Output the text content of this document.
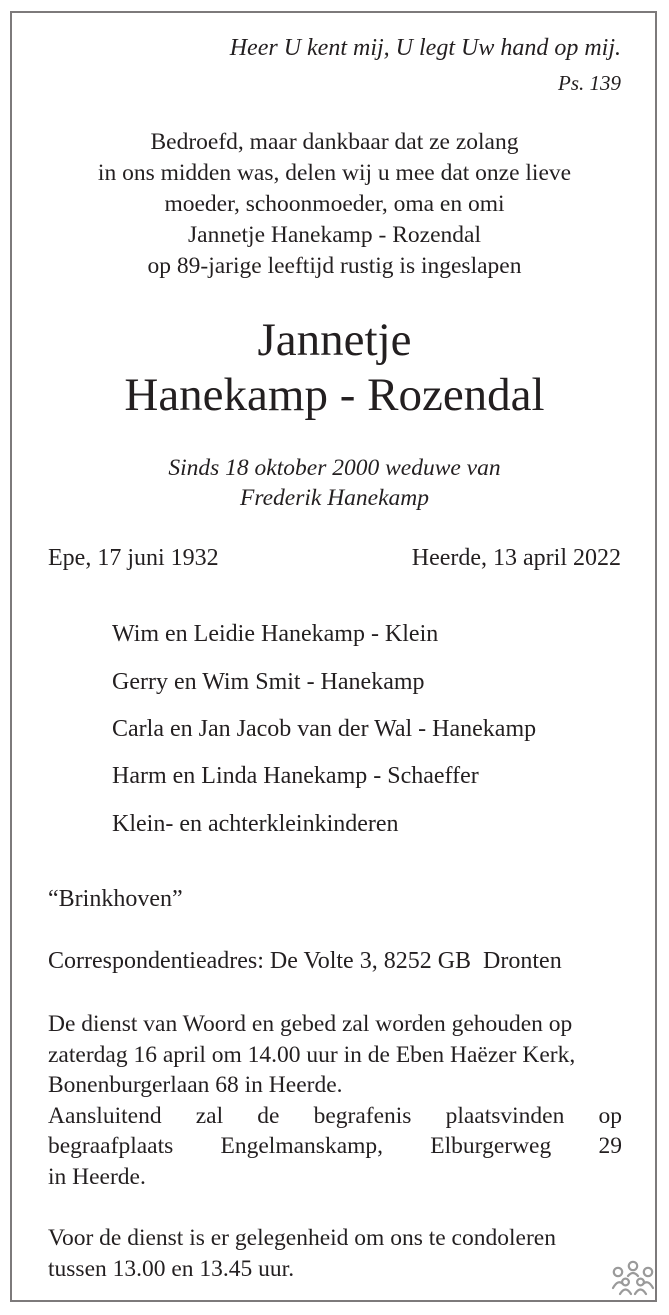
Heer U kent mij, U legt Uw hand op mij.
Ps. 139
Bedroefd, maar dankbaar dat ze zolang
in ons midden was, delen wij u mee dat onze lieve
moeder, schoonmoeder, oma en omi
Jannetje Hanekamp - Rozendal
op 89-jarige leeftijd rustig is ingeslapen
Jannetje
Hanekamp - Rozendal
Sinds 18 oktober 2000 weduwe van
Frederik Hanekamp
Epe, 17 juni 1932	Heerde, 13 april 2022
Wim en Leidie Hanekamp - Klein
Gerry en Wim Smit - Hanekamp
Carla en Jan Jacob van der Wal - Hanekamp
Harm en Linda Hanekamp - Schaeffer
Klein- en achterkleinkinderen
“Brinkhoven”
Correspondentieadres: De Volte 3, 8252 GB  Dronten
De dienst van Woord en gebed zal worden gehouden op
zaterdag 16 april om 14.00 uur in de Eben Haëzer Kerk,
Bonenburgerlaan 68 in Heerde.
Aansluitend zal de begrafenis plaatsvinden op
begraafplaats Engelmanskamp, Elburgerweg 29
in Heerde.
Voor de dienst is er gelegenheid om ons te condoleren
tussen 13.00 en 13.45 uur.
